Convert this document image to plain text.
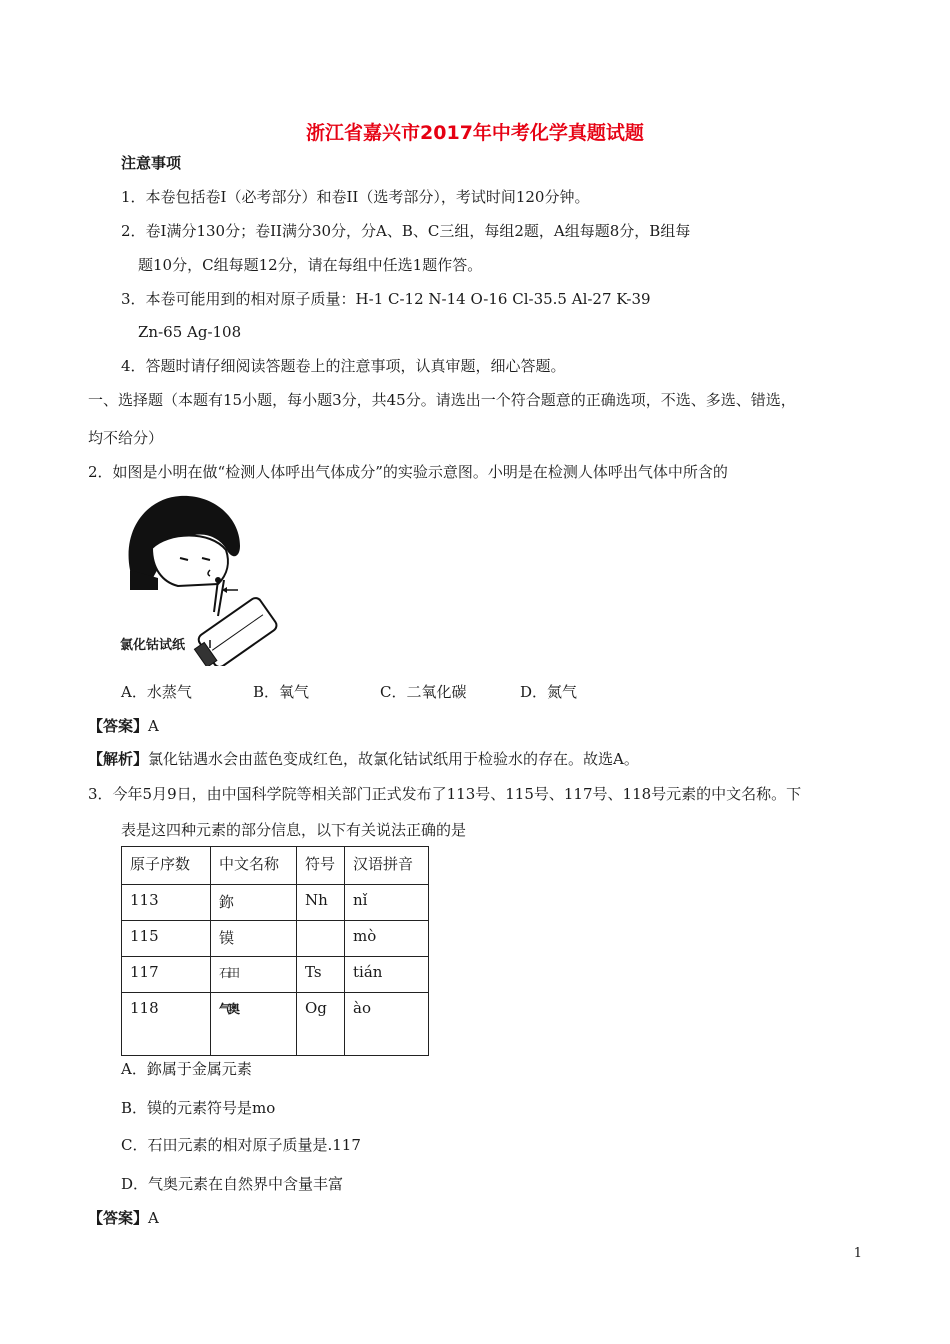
浙江省嘉兴市2017年中考化学真题试题
注意事项
1．本卷包括卷I（必考部分）和卷II（选考部分），考试时间120分钟。
2．卷I满分130分；卷II满分30分，分A、B、C三组，每组2题，A组每题8分，B组每
题10分，C组每题12分，请在每组中任选1题作答。
3．本卷可能用到的相对原子质量：H-1 C-12 N-14 O-16 Cl-35.5 Al-27 K-39
Zn-65 Ag-108
4．答题时请仔细阅读答题卷上的注意事项，认真审题，细心答题。
一、选择题（本题有15小题，每小题3分，共45分。请选出一个符合题意的正确选项，不选、多选、错选，
均不给分）
2．如图是小明在做“检测人体呼出气体成分”的实验示意图。小明是在检测人体呼出气体中所含的
氯化钴试纸
A．水蒸气	B．氧气	C．二氧化碳	D．氮气
【答案】A
【解析】氯化钴遇水会由蓝色变成红色，故氯化钴试纸用于检验水的存在。故选A。
3．今年5月9日，由中国科学院等相关部门正式发布了113号、115号、117号、118号元素的中文名称。下
表是这四种元素的部分信息，以下有关说法正确的是
原子序数	中文名称	符号	汉语拼音
113	鉨	Nh	nǐ
115	镆		mò
117	石田	Ts	tián
118	气奥	Og	ào
A．鉨属于金属元素
B．镆的元素符号是mo
C．石田元素的相对原子质量是.117
D．气奥元素在自然界中含量丰富
【答案】A
1
